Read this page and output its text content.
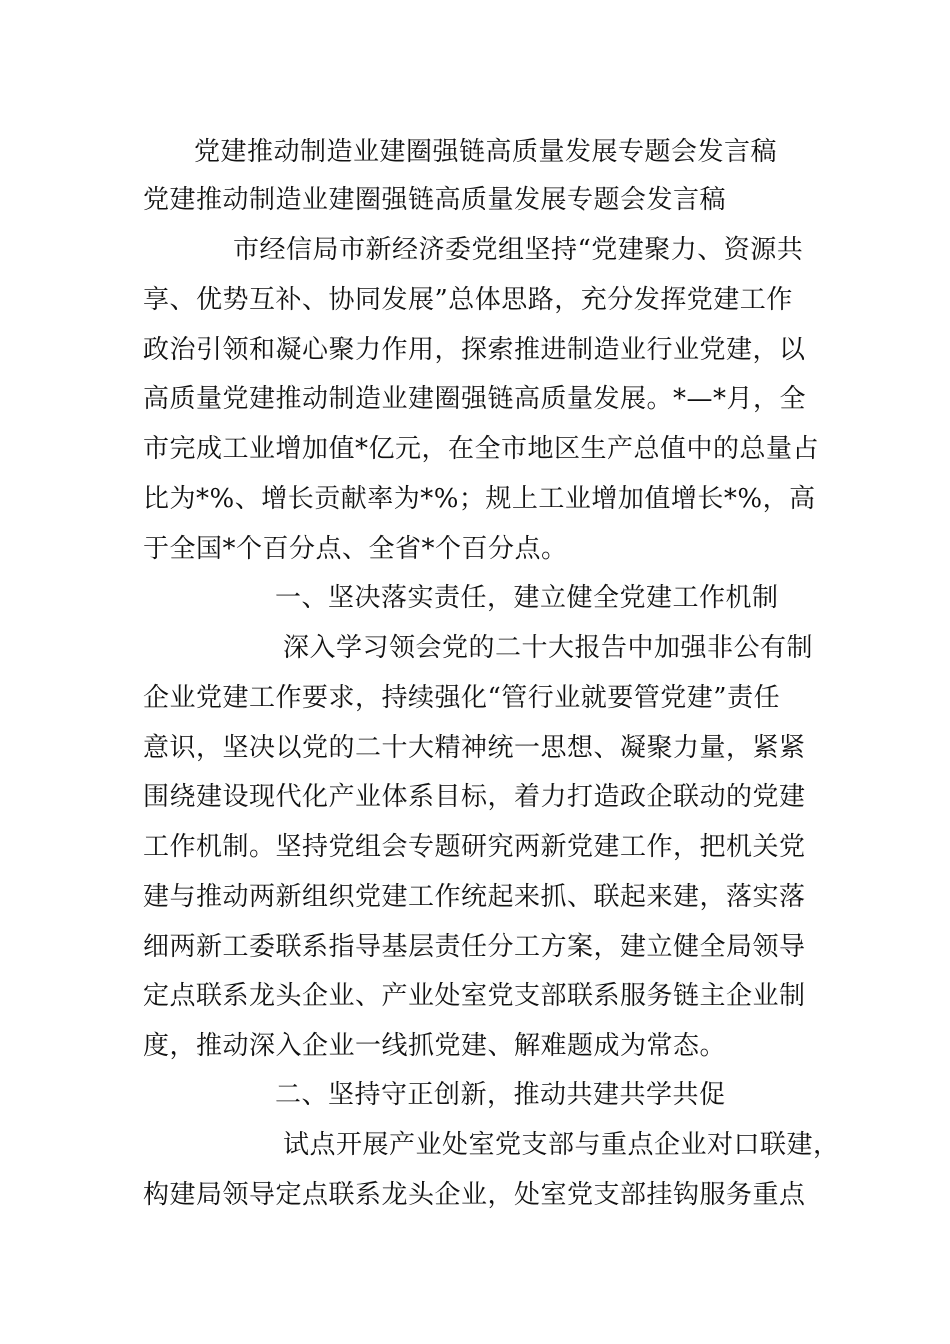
党建推动制造业建圈强链高质量发展专题会发言稿
党建推动制造业建圈强链高质量发展专题会发言稿
市经信局市新经济委党组坚持“党建聚力、资源共
享、优势互补、协同发展”总体思路，充分发挥党建工作
政治引领和凝心聚力作用，探索推进制造业行业党建，以
高质量党建推动制造业建圈强链高质量发展。*—*月，全
市完成工业增加值*亿元，在全市地区生产总值中的总量占
比为*%、增长贡献率为*%；规上工业增加值增长*%，高
于全国*个百分点、全省*个百分点。
一、坚决落实责任，建立健全党建工作机制
深入学习领会党的二十大报告中加强非公有制
企业党建工作要求，持续强化“管行业就要管党建”责任
意识，坚决以党的二十大精神统一思想、凝聚力量，紧紧
围绕建设现代化产业体系目标，着力打造政企联动的党建
工作机制。坚持党组会专题研究两新党建工作，把机关党
建与推动两新组织党建工作统起来抓、联起来建，落实落
细两新工委联系指导基层责任分工方案，建立健全局领导
定点联系龙头企业、产业处室党支部联系服务链主企业制
度，推动深入企业一线抓党建、解难题成为常态。
二、坚持守正创新，推动共建共学共促
试点开展产业处室党支部与重点企业对口联建，
构建局领导定点联系龙头企业，处室党支部挂钩服务重点
